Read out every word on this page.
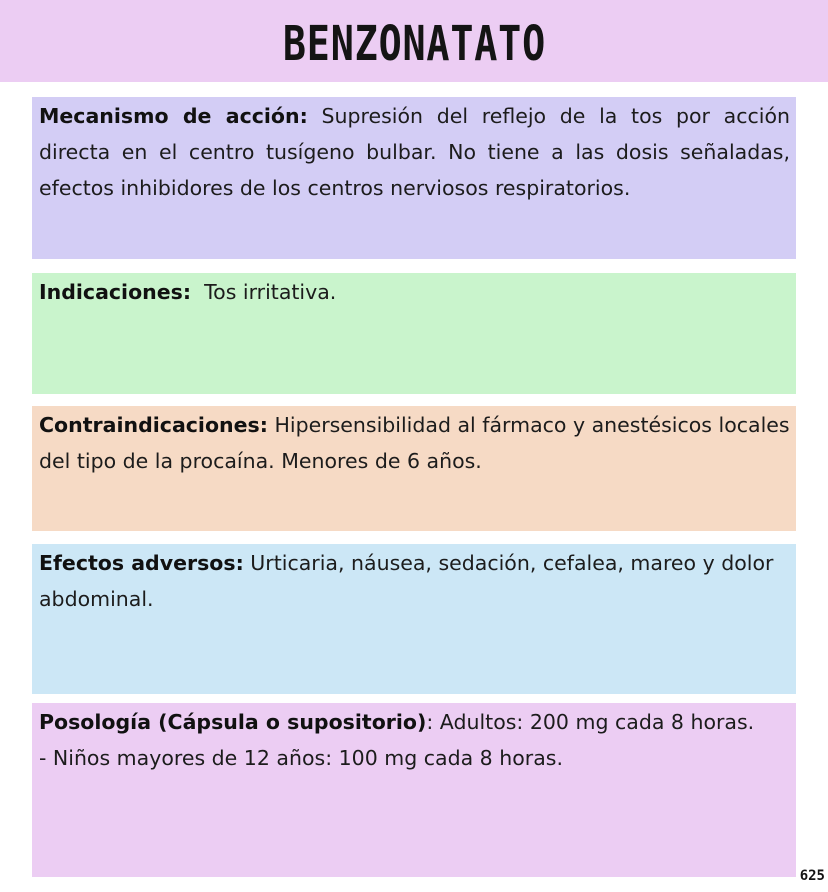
BENZONATATO

Mecanismo de acción: Supresión del reflejo de la tos por acción directa en el centro tusígeno bulbar. No tiene a las dosis señaladas, efectos inhibidores de los centros nerviosos respiratorios.

Indicaciones:  Tos irritativa.

Contraindicaciones: Hipersensibilidad al fármaco y anestésicos locales del tipo de la procaína. Menores de 6 años.

Efectos adversos: Urticaria, náusea, sedación, cefalea, mareo y dolor abdominal.

Posología (Cápsula o supositorio): Adultos: 200 mg cada 8 horas.

- Niños mayores de 12 años: 100 mg cada 8 horas.

625
